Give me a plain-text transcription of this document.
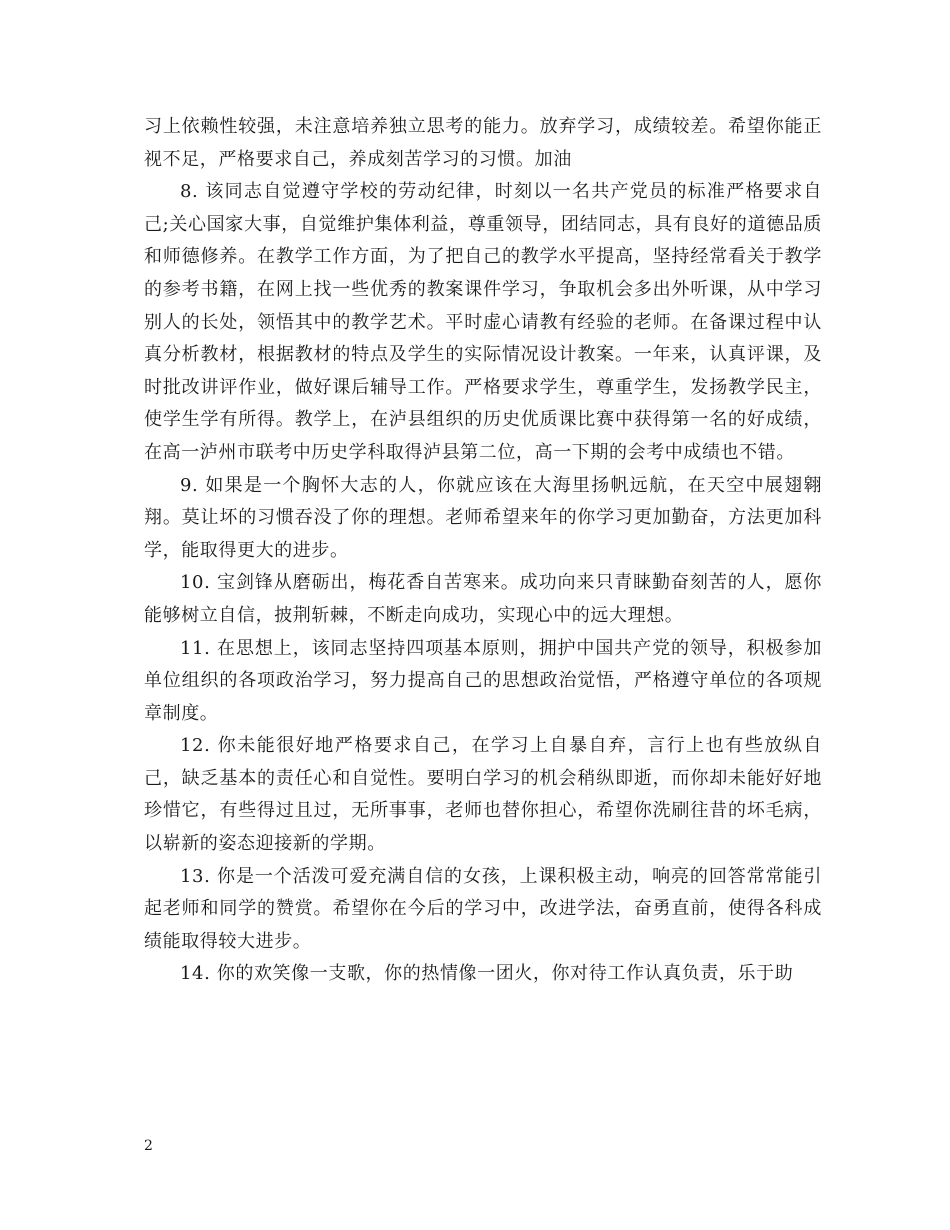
习上依赖性较强，未注意培养独立思考的能力。放弃学习，成绩较差。希望你能正视不足，严格要求自己，养成刻苦学习的习惯。加油

8. 该同志自觉遵守学校的劳动纪律，时刻以一名共产党员的标准严格要求自己;关心国家大事，自觉维护集体利益，尊重领导，团结同志，具有良好的道德品质和师德修养。在教学工作方面，为了把自己的教学水平提高，坚持经常看关于教学的参考书籍，在网上找一些优秀的教案课件学习，争取机会多出外听课，从中学习别人的长处，领悟其中的教学艺术。平时虚心请教有经验的老师。在备课过程中认真分析教材，根据教材的特点及学生的实际情况设计教案。一年来，认真评课，及时批改讲评作业，做好课后辅导工作。严格要求学生，尊重学生，发扬教学民主，使学生学有所得。教学上，在泸县组织的历史优质课比赛中获得第一名的好成绩，在高一泸州市联考中历史学科取得泸县第二位，高一下期的会考中成绩也不错。

9. 如果是一个胸怀大志的人，你就应该在大海里扬帆远航，在天空中展翅翱翔。莫让坏的习惯吞没了你的理想。老师希望来年的你学习更加勤奋，方法更加科学，能取得更大的进步。

10. 宝剑锋从磨砺出，梅花香自苦寒来。成功向来只青睐勤奋刻苦的人，愿你能够树立自信，披荆斩棘，不断走向成功，实现心中的远大理想。

11. 在思想上，该同志坚持四项基本原则，拥护中国共产党的领导，积极参加单位组织的各项政治学习，努力提高自己的思想政治觉悟，严格遵守单位的各项规章制度。

12. 你未能很好地严格要求自己，在学习上自暴自弃，言行上也有些放纵自己，缺乏基本的责任心和自觉性。要明白学习的机会稍纵即逝，而你却未能好好地珍惜它，有些得过且过，无所事事，老师也替你担心，希望你洗刷往昔的坏毛病，以崭新的姿态迎接新的学期。

13. 你是一个活泼可爱充满自信的女孩，上课积极主动，响亮的回答常常能引起老师和同学的赞赏。希望你在今后的学习中，改进学法，奋勇直前，使得各科成绩能取得较大进步。

14. 你的欢笑像一支歌，你的热情像一团火，你对待工作认真负责，乐于助

2
